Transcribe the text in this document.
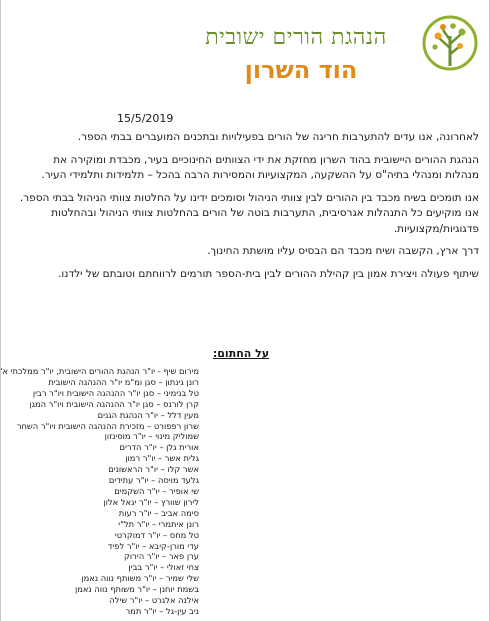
הנהגת הורים ישובית
הוד השרון
15/5/2019

לאחרונה, אנו עדים להתערבות חריגה של הורים בפעילויות ובתכנים המועברים בבתי הספר.

הנהגת ההורים היישובית בהוד השרון מחזקת את ידי הצוותים החינוכיים בעיר, מכבדת ומוקירה את מנהלות ומנהלי בתיה"ס על ההשקעה, המקצועיות והמסירות הרבה בהכל – תלמידות ותלמידי העיר.

אנו תומכים בשיח מכבד בין ההורים לבין צוותי הניהול וסומכים ידינו על החלטות צוותי הניהול בבתי הספר. אנו מוקיעים כל התנהלות אגרסיבית, התערבות בוטה של הורים בהחלטות צוותי הניהול ובהחלטות פדגוגיות/מקצועיות.

דרך ארץ, הקשבה ושיח מכבד הם הבסיס עליו מושתת החינוך.

שיתוף פעולה ויצירת אמון בין קהילת ההורים לבין בית-הספר תורמים לרווחתם וטובתם של ילדנו.

על החתום:
מירום שיף - יו"ר הנהגת ההורים הישובית, יו"ר ממלכתי א'
רונן גינתון – סגן ומ"מ יו"ר ההנהגה הישובית
טל בנימיני – סגן יו"ר ההנהגה הישובית ויו"ר רבין
קרן לורנס – סגן יו"ר ההנהגה הישובית ויו"ר המגן
מעין דלל – יו"ר הנהגת הגנים
שרון רפפורט – מזכירת ההנהגה הישובית ויו"ר השחר
שמוליק מינוי – יו"ר מוסינזון
אורית גלן – יו"ר הדרים
גלית אשר – יו"ר רמון
אשר קלו – יו"ר הראשונים
גלעד מויסה – יו"ר עתידים
שי אופיר – יו"ר השקמים
לירון שוורץ – יו"ר יגאל אלון
סימה אביב – יו"ר רעות
רונן איתמרי – יו"ר תל"י
טל מחס – יו"ר דמוקרטי
עדי מורן-קיבא – יו"ר לפיד
ערן פאר – יו"ר הירוק
צחי זאולי – יו"ר בבין
שלי שמיר – יו"ר משותף נווה נאמן
בשמת יוחנן – יו"ר משותף נווה נאמן
אילנה אלגרט – יו"ר שילה
ניב עין-גל – יו"ר תמר
